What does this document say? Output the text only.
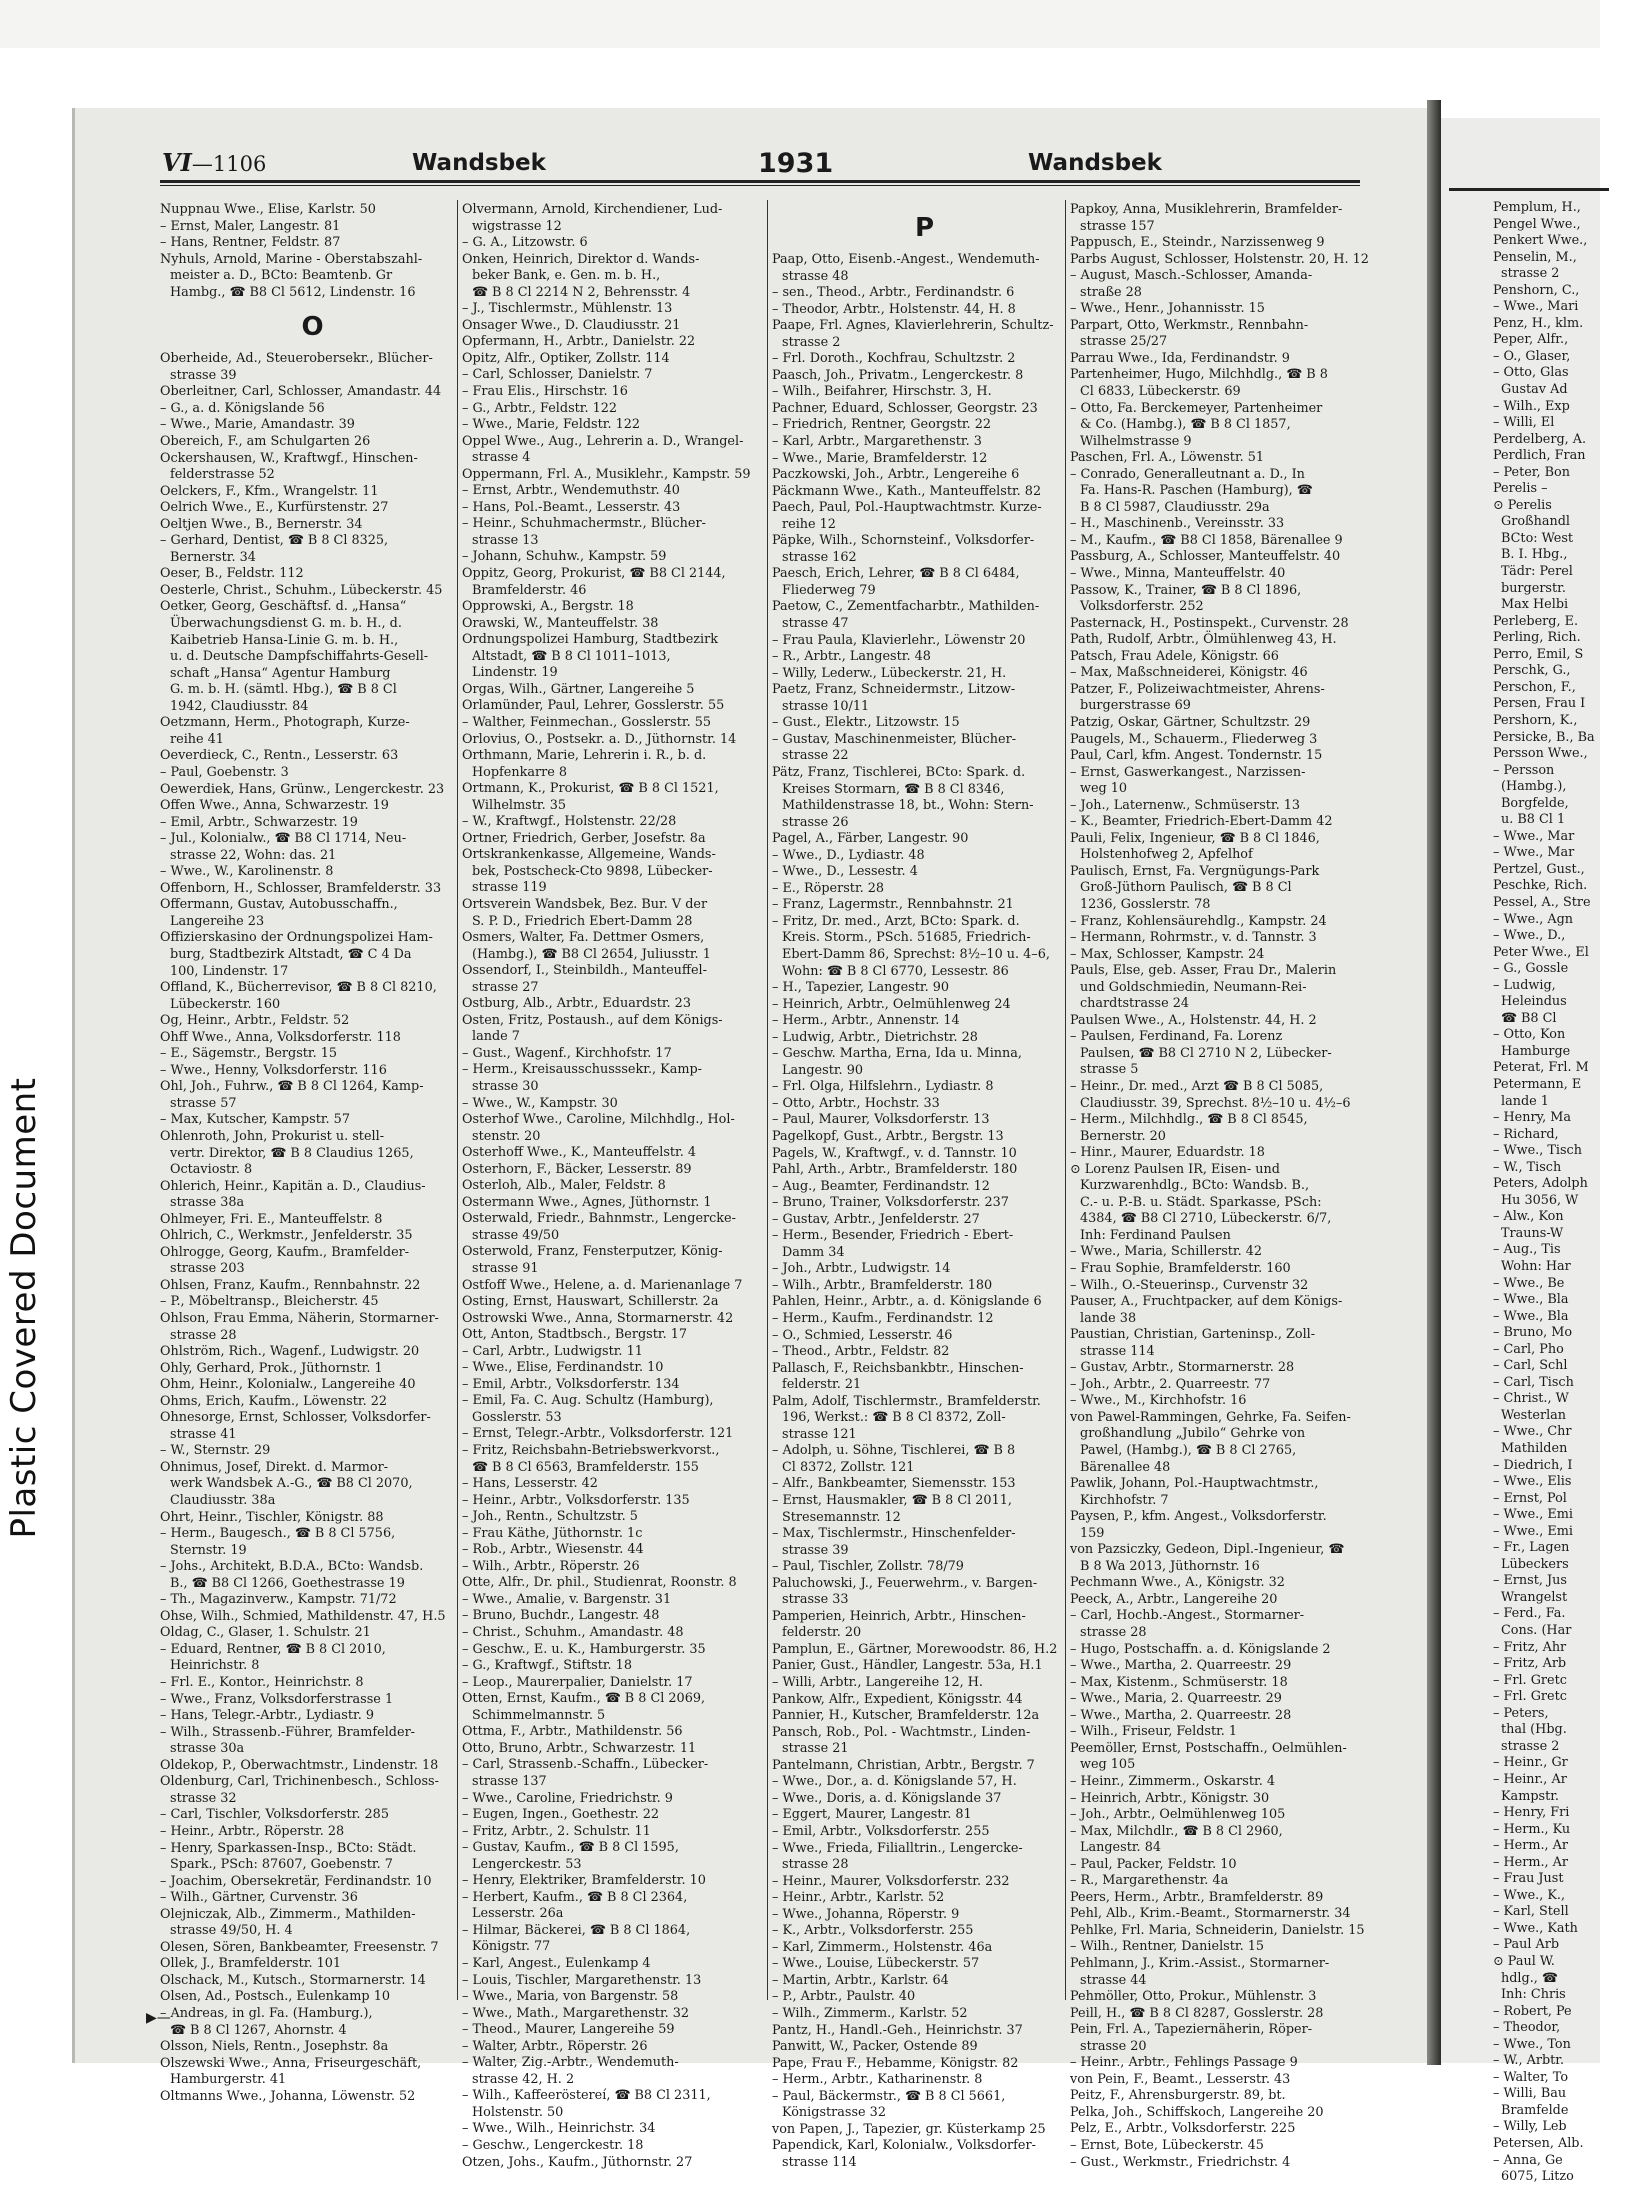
Pemplum, H.,
Pengel Wwe.,
Penkert Wwe.,
Penselin, M.,
strasse 2
Penshorn, C.,
– Wwe., Mari
Penz, H., klm.
Peper, Alfr.,
– O., Glaser,
– Otto, Glas
Gustav Ad
– Wilh., Exp
– Willi, El
Perdelberg, A.
Perdlich, Fran
– Peter, Bon
Perelis –
⊙ Perelis
Großhandl
BCto: West
B. I. Hbg.,
Tädr: Perel
burgerstr.
Max Helbi
Perleberg, E.
Perling, Rich.
Perro, Emil, S
Perschk, G.,
Perschon, F.,
Persen, Frau I
Pershorn, K.,
Persicke, B., Ba
Persson Wwe.,
– Persson
(Hambg.),
Borgfelde,
u. B8 Cl 1
– Wwe., Mar
– Wwe., Mar
Pertzel, Gust.,
Peschke, Rich.
Pessel, A., Stre
– Wwe., Agn
– Wwe., D.,
Peter Wwe., El
– G., Gossle
– Ludwig,
Heleindus
☎ B8 Cl
– Otto, Kon
Hamburge
Peterat, Frl. M
Petermann, E
lande 1
– Henry, Ma
– Richard,
– Wwe., Tisch
– W., Tisch
Peters, Adolph
Hu 3056, W
– Alw., Kon
Trauns-W
– Aug., Tis
Wohn: Har
– Wwe., Be
– Wwe., Bla
– Wwe., Bla
– Bruno, Mo
– Carl, Pho
– Carl, Schl
– Carl, Tisch
– Christ., W
Westerlan
– Wwe., Chr
Mathilden
– Diedrich, I
– Wwe., Elis
– Ernst, Pol
– Wwe., Emi
– Wwe., Emi
– Fr., Lagen
Lübeckers
– Ernst, Jus
Wrangelst
– Ferd., Fa.
Cons. (Har
– Fritz, Ahr
– Fritz, Arb
– Frl. Gretc
– Frl. Gretc
– Peters,
thal (Hbg.
strasse 2
– Heinr., Gr
– Heinr., Ar
Kampstr.
– Henry, Fri
– Herm., Ku
– Herm., Ar
– Herm., Ar
– Frau Just
– Wwe., K.,
– Karl, Stell
– Wwe., Kath
– Paul Arb
⊙ Paul W.
hdlg., ☎
Inh: Chris
– Robert, Pe
– Theodor,
– Wwe., Ton
– W., Arbtr.
– Walter, To
– Willi, Bau
Bramfelde
– Willy, Leb
Petersen, Alb.
– Anna, Ge
6075, Litzo
Plastic Covered Document
VI—1106	Wandsbek	1931	Wandsbek
Nuppnau Wwe., Elise, Karlstr. 50
– Ernst, Maler, Langestr. 81
– Hans, Rentner, Feldstr. 87
Nyhuls, Arnold, Marine - Oberstabszahl-
meister a. D., BCto: Beamtenb. Gr
Hambg., ☎ B8 Cl 5612, Lindenstr. 16
O
Oberheide, Ad., Steuerobersekr., Blücher-
strasse 39
Oberleitner, Carl, Schlosser, Amandastr. 44
– G., a. d. Königslande 56
– Wwe., Marie, Amandastr. 39
Obereich, F., am Schulgarten 26
Ockershausen, W., Kraftwgf., Hinschen-
felderstrasse 52
Oelckers, F., Kfm., Wrangelstr. 11
Oelrich Wwe., E., Kurfürstenstr. 27
Oeltjen Wwe., B., Bernerstr. 34
– Gerhard, Dentist, ☎ B 8 Cl 8325,
Bernerstr. 34
Oeser, B., Feldstr. 112
Oesterle, Christ., Schuhm., Lübeckerstr. 45
Oetker, Georg, Geschäftsf. d. „Hansa“
Überwachungsdienst G. m. b. H., d.
Kaibetrieb Hansa-Linie G. m. b. H.,
u. d. Deutsche Dampfschiffahrts-Gesell-
schaft „Hansa“ Agentur Hamburg
G. m. b. H. (sämtl. Hbg.), ☎ B 8 Cl
1942, Claudiusstr. 84
Oetzmann, Herm., Photograph, Kurze-
reihe 41
Oeverdieck, C., Rentn., Lesserstr. 63
– Paul, Goebenstr. 3
Oewerdiek, Hans, Grünw., Lengerckestr. 23
Offen Wwe., Anna, Schwarzestr. 19
– Emil, Arbtr., Schwarzestr. 19
– Jul., Kolonialw., ☎ B8 Cl 1714, Neu-
strasse 22, Wohn: das. 21
– Wwe., W., Karolinenstr. 8
Offenborn, H., Schlosser, Bramfelderstr. 33
Offermann, Gustav, Autobusschaffn.,
Langereihe 23
Offizierskasino der Ordnungspolizei Ham-
burg, Stadtbezirk Altstadt, ☎ C 4 Da
100, Lindenstr. 17
Offland, K., Bücherrevisor, ☎ B 8 Cl 8210,
Lübeckerstr. 160
Og, Heinr., Arbtr., Feldstr. 52
Ohff Wwe., Anna, Volksdorferstr. 118
– E., Sägemstr., Bergstr. 15
– Wwe., Henny, Volksdorferstr. 116
Ohl, Joh., Fuhrw., ☎ B 8 Cl 1264, Kamp-
strasse 57
– Max, Kutscher, Kampstr. 57
Ohlenroth, John, Prokurist u. stell-
vertr. Direktor, ☎ B 8 Claudius 1265,
Octaviostr. 8
Ohlerich, Heinr., Kapitän a. D., Claudius-
strasse 38a
Ohlmeyer, Fri. E., Manteuffelstr. 8
Ohlrich, C., Werkmstr., Jenfelderstr. 35
Ohlrogge, Georg, Kaufm., Bramfelder-
strasse 203
Ohlsen, Franz, Kaufm., Rennbahnstr. 22
– P., Möbeltransp., Bleicherstr. 45
Ohlson, Frau Emma, Näherin, Stormarner-
strasse 28
Ohlström, Rich., Wagenf., Ludwigstr. 20
Ohly, Gerhard, Prok., Jüthornstr. 1
Ohm, Heinr., Kolonialw., Langereihe 40
Ohms, Erich, Kaufm., Löwenstr. 22
Ohnesorge, Ernst, Schlosser, Volksdorfer-
strasse 41
– W., Sternstr. 29
Ohnimus, Josef, Direkt. d. Marmor-
werk Wandsbek A.-G., ☎ B8 Cl 2070,
Claudiusstr. 38a
Ohrt, Heinr., Tischler, Königstr. 88
– Herm., Baugesch., ☎ B 8 Cl 5756,
Sternstr. 19
– Johs., Architekt, B.D.A., BCto: Wandsb.
B., ☎ B8 Cl 1266, Goethestrasse 19
– Th., Magazinverw., Kampstr. 71/72
Ohse, Wilh., Schmied, Mathildenstr. 47, H.5
Oldag, C., Glaser, 1. Schulstr. 21
– Eduard, Rentner, ☎ B 8 Cl 2010,
Heinrichstr. 8
– Frl. E., Kontor., Heinrichstr. 8
– Wwe., Franz, Volksdorferstrasse 1
– Hans, Telegr.-Arbtr., Lydiastr. 9
– Wilh., Strassenb.-Führer, Bramfelder-
strasse 30a
Oldekop, P., Oberwachtmstr., Lindenstr. 18
Oldenburg, Carl, Trichinenbesch., Schloss-
strasse 32
– Carl, Tischler, Volksdorferstr. 285
– Heinr., Arbtr., Röperstr. 28
– Henry, Sparkassen-Insp., BCto: Städt.
Spark., PSch: 87607, Goebenstr. 7
– Joachim, Obersekretär, Ferdinandstr. 10
– Wilh., Gärtner, Curvenstr. 36
Olejniczak, Alb., Zimmerm., Mathilden-
strasse 49/50, H. 4
Olesen, Sören, Bankbeamter, Freesenstr. 7
Ollek, J., Bramfelderstr. 101
Olschack, M., Kutsch., Stormarnerstr. 14
Olsen, Ad., Postsch., Eulenkamp 10
– Andreas, in gl. Fa. (Hamburg.),
☎ B 8 Cl 1267, Ahornstr. 4
Olsson, Niels, Rentn., Josephstr. 8a
Olszewski Wwe., Anna, Friseurgeschäft,
Hamburgerstr. 41
Oltmanns Wwe., Johanna, Löwenstr. 52
Olvermann, Arnold, Kirchendiener, Lud-
wigstrasse 12
– G. A., Litzowstr. 6
Onken, Heinrich, Direktor d. Wands-
beker Bank, e. Gen. m. b. H.,
☎ B 8 Cl 2214 N 2, Behrensstr. 4
– J., Tischlermstr., Mühlenstr. 13
Onsager Wwe., D. Claudiusstr. 21
Opfermann, H., Arbtr., Danielstr. 22
Opitz, Alfr., Optiker, Zollstr. 114
– Carl, Schlosser, Danielstr. 7
– Frau Elis., Hirschstr. 16
– G., Arbtr., Feldstr. 122
– Wwe., Marie, Feldstr. 122
Oppel Wwe., Aug., Lehrerin a. D., Wrangel-
strasse 4
Oppermann, Frl. A., Musiklehr., Kampstr. 59
– Ernst, Arbtr., Wendemuthstr. 40
– Hans, Pol.-Beamt., Lesserstr. 43
– Heinr., Schuhmachermstr., Blücher-
strasse 13
– Johann, Schuhw., Kampstr. 59
Oppitz, Georg, Prokurist, ☎ B8 Cl 2144,
Bramfelderstr. 46
Opprowski, A., Bergstr. 18
Orawski, W., Manteuffelstr. 38
Ordnungspolizei Hamburg, Stadtbezirk
Altstadt, ☎ B 8 Cl 1011–1013,
Lindenstr. 19
Orgas, Wilh., Gärtner, Langereihe 5
Orlamünder, Paul, Lehrer, Gosslerstr. 55
– Walther, Feinmechan., Gosslerstr. 55
Orlovius, O., Postsekr. a. D., Jüthornstr. 14
Orthmann, Marie, Lehrerin i. R., b. d.
Hopfenkarre 8
Ortmann, K., Prokurist, ☎ B 8 Cl 1521,
Wilhelmstr. 35
– W., Kraftwgf., Holstenstr. 22/28
Ortner, Friedrich, Gerber, Josefstr. 8a
Ortskrankenkasse, Allgemeine, Wands-
bek, Postscheck-Cto 9898, Lübecker-
strasse 119
Ortsverein Wandsbek, Bez. Bur. V der
S. P. D., Friedrich Ebert-Damm 28
Osmers, Walter, Fa. Dettmer Osmers,
(Hambg.), ☎ B8 Cl 2654, Juliusstr. 1
Ossendorf, I., Steinbildh., Manteuffel-
strasse 27
Ostburg, Alb., Arbtr., Eduardstr. 23
Osten, Fritz, Postaush., auf dem Königs-
lande 7
– Gust., Wagenf., Kirchhofstr. 17
– Herm., Kreisausschusssekr., Kamp-
strasse 30
– Wwe., W., Kampstr. 30
Osterhof Wwe., Caroline, Milchhdlg., Hol-
stenstr. 20
Osterhoff Wwe., K., Manteuffelstr. 4
Osterhorn, F., Bäcker, Lesserstr. 89
Osterloh, Alb., Maler, Feldstr. 8
Ostermann Wwe., Agnes, Jüthornstr. 1
Osterwald, Friedr., Bahnmstr., Lengercke-
strasse 49/50
Osterwold, Franz, Fensterputzer, König-
strasse 91
Ostfoff Wwe., Helene, a. d. Marienanlage 7
Osting, Ernst, Hauswart, Schillerstr. 2a
Ostrowski Wwe., Anna, Stormarnerstr. 42
Ott, Anton, Stadtbsch., Bergstr. 17
– Carl, Arbtr., Ludwigstr. 11
– Wwe., Elise, Ferdinandstr. 10
– Emil, Arbtr., Volksdorferstr. 134
– Emil, Fa. C. Aug. Schultz (Hamburg),
Gosslerstr. 53
– Ernst, Telegr.-Arbtr., Volksdorferstr. 121
– Fritz, Reichsbahn-Betriebswerkvorst.,
☎ B 8 Cl 6563, Bramfelderstr. 155
– Hans, Lesserstr. 42
– Heinr., Arbtr., Volksdorferstr. 135
– Joh., Rentn., Schultzstr. 5
– Frau Käthe, Jüthornstr. 1c
– Rob., Arbtr., Wiesenstr. 44
– Wilh., Arbtr., Röperstr. 26
Otte, Alfr., Dr. phil., Studienrat, Roonstr. 8
– Wwe., Amalie, v. Bargenstr. 31
– Bruno, Buchdr., Langestr. 48
– Christ., Schuhm., Amandastr. 48
– Geschw., E. u. K., Hamburgerstr. 35
– G., Kraftwgf., Stiftstr. 18
– Leop., Maurerpalier, Danielstr. 17
Otten, Ernst, Kaufm., ☎ B 8 Cl 2069,
Schimmelmannstr. 5
Ottma, F., Arbtr., Mathildenstr. 56
Otto, Bruno, Arbtr., Schwarzestr. 11
– Carl, Strassenb.-Schaffn., Lübecker-
strasse 137
– Wwe., Caroline, Friedrichstr. 9
– Eugen, Ingen., Goethestr. 22
– Fritz, Arbtr., 2. Schulstr. 11
– Gustav, Kaufm., ☎ B 8 Cl 1595,
Lengerckestr. 53
– Henry, Elektriker, Bramfelderstr. 10
– Herbert, Kaufm., ☎ B 8 Cl 2364,
Lesserstr. 26a
– Hilmar, Bäckerei, ☎ B 8 Cl 1864,
Königstr. 77
– Karl, Angest., Eulenkamp 4
– Louis, Tischler, Margarethenstr. 13
– Wwe., Maria, von Bargenstr. 58
– Wwe., Math., Margarethenstr. 32
– Theod., Maurer, Langereihe 59
– Walter, Arbtr., Röperstr. 26
– Walter, Zig.-Arbtr., Wendemuth-
strasse 42, H. 2
– Wilh., Kaffeeröstereí, ☎ B8 Cl 2311,
Holstenstr. 50
– Wwe., Wilh., Heinrichstr. 34
– Geschw., Lengerckestr. 18
Otzen, Johs., Kaufm., Jüthornstr. 27
P
Paap, Otto, Eisenb.-Angest., Wendemuth-
strasse 48
– sen., Theod., Arbtr., Ferdinandstr. 6
– Theodor, Arbtr., Holstenstr. 44, H. 8
Paape, Frl. Agnes, Klavierlehrerin, Schultz-
strasse 2
– Frl. Doroth., Kochfrau, Schultzstr. 2
Paasch, Joh., Privatm., Lengerckestr. 8
– Wilh., Beifahrer, Hirschstr. 3, H.
Pachner, Eduard, Schlosser, Georgstr. 23
– Friedrich, Rentner, Georgstr. 22
– Karl, Arbtr., Margarethenstr. 3
– Wwe., Marie, Bramfelderstr. 12
Paczkowski, Joh., Arbtr., Lengereihe 6
Päckmann Wwe., Kath., Manteuffelstr. 82
Paech, Paul, Pol.-Hauptwachtmstr. Kurze-
reihe 12
Päpke, Wilh., Schornsteinf., Volksdorfer-
strasse 162
Paesch, Erich, Lehrer, ☎ B 8 Cl 6484,
Fliederweg 79
Paetow, C., Zementfacharbtr., Mathilden-
strasse 47
– Frau Paula, Klavierlehr., Löwenstr 20
– R., Arbtr., Langestr. 48
– Willy, Lederw., Lübeckerstr. 21, H.
Paetz, Franz, Schneidermstr., Litzow-
strasse 10/11
– Gust., Elektr., Litzowstr. 15
– Gustav, Maschinenmeister, Blücher-
strasse 22
Pätz, Franz, Tischlerei, BCto: Spark. d.
Kreises Stormarn, ☎ B 8 Cl 8346,
Mathildenstrasse 18, bt., Wohn: Stern-
strasse 26
Pagel, A., Färber, Langestr. 90
– Wwe., D., Lydiastr. 48
– Wwe., D., Lessestr. 4
– E., Röperstr. 28
– Franz, Lagermstr., Rennbahnstr. 21
– Fritz, Dr. med., Arzt, BCto: Spark. d.
Kreis. Storm., PSch. 51685, Friedrich-
Ebert-Damm 86, Sprechst: 8½–10 u. 4–6,
Wohn: ☎ B 8 Cl 6770, Lessestr. 86
– H., Tapezier, Langestr. 90
– Heinrich, Arbtr., Oelmühlenweg 24
– Herm., Arbtr., Annenstr. 14
– Ludwig, Arbtr., Dietrichstr. 28
– Geschw. Martha, Erna, Ida u. Minna,
Langestr. 90
– Frl. Olga, Hilfslehrn., Lydiastr. 8
– Otto, Arbtr., Hochstr. 33
– Paul, Maurer, Volksdorferstr. 13
Pagelkopf, Gust., Arbtr., Bergstr. 13
Pagels, W., Kraftwgf., v. d. Tannstr. 10
Pahl, Arth., Arbtr., Bramfelderstr. 180
– Aug., Beamter, Ferdinandstr. 12
– Bruno, Trainer, Volksdorferstr. 237
– Gustav, Arbtr., Jenfelderstr. 27
– Herm., Besender, Friedrich - Ebert-
Damm 34
– Joh., Arbtr., Ludwigstr. 14
– Wilh., Arbtr., Bramfelderstr. 180
Pahlen, Heinr., Arbtr., a. d. Königslande 6
– Herm., Kaufm., Ferdinandstr. 12
– O., Schmied, Lesserstr. 46
– Theod., Arbtr., Feldstr. 82
Pallasch, F., Reichsbankbtr., Hinschen-
felderstr. 21
Palm, Adolf, Tischlermstr., Bramfelderstr.
196, Werkst.: ☎ B 8 Cl 8372, Zoll-
strasse 121
– Adolph, u. Söhne, Tischlerei, ☎ B 8
Cl 8372, Zollstr. 121
– Alfr., Bankbeamter, Siemensstr. 153
– Ernst, Hausmakler, ☎ B 8 Cl 2011,
Stresemannstr. 12
– Max, Tischlermstr., Hinschenfelder-
strasse 39
– Paul, Tischler, Zollstr. 78/79
Paluchowski, J., Feuerwehrm., v. Bargen-
strasse 33
Pamperien, Heinrich, Arbtr., Hinschen-
felderstr. 20
Pamplun, E., Gärtner, Morewoodstr. 86, H.2
Panier, Gust., Händler, Langestr. 53a, H.1
– Willi, Arbtr., Langereihe 12, H.
Pankow, Alfr., Expedient, Königsstr. 44
Pannier, H., Kutscher, Bramfelderstr. 12a
Pansch, Rob., Pol. - Wachtmstr., Linden-
strasse 21
Pantelmann, Christian, Arbtr., Bergstr. 7
– Wwe., Dor., a. d. Königslande 57, H.
– Wwe., Doris, a. d. Königslande 37
– Eggert, Maurer, Langestr. 81
– Emil, Arbtr., Volksdorferstr. 255
– Wwe., Frieda, Filialltrin., Lengercke-
strasse 28
– Heinr., Maurer, Volksdorferstr. 232
– Heinr., Arbtr., Karlstr. 52
– Wwe., Johanna, Röperstr. 9
– K., Arbtr., Volksdorferstr. 255
– Karl, Zimmerm., Holstenstr. 46a
– Wwe., Louise, Lübeckerstr. 57
– Martin, Arbtr., Karlstr. 64
– P., Arbtr., Paulstr. 40
– Wilh., Zimmerm., Karlstr. 52
Pantz, H., Handl.-Geh., Heinrichstr. 37
Panwitt, W., Packer, Ostende 89
Pape, Frau F., Hebamme, Königstr. 82
– Herm., Arbtr., Katharinenstr. 8
– Paul, Bäckermstr., ☎ B 8 Cl 5661,
Königstrasse 32
von Papen, J., Tapezier, gr. Küsterkamp 25
Papendick, Karl, Kolonialw., Volksdorfer-
strasse 114
Papkoy, Anna, Musiklehrerin, Bramfelder-
strasse 157
Pappusch, E., Steindr., Narzissenweg 9
Parbs August, Schlosser, Holstenstr. 20, H. 12
– August, Masch.-Schlosser, Amanda-
straße 28
– Wwe., Henr., Johannisstr. 15
Parpart, Otto, Werkmstr., Rennbahn-
strasse 25/27
Parrau Wwe., Ida, Ferdinandstr. 9
Partenheimer, Hugo, Milchhdlg., ☎ B 8
Cl 6833, Lübeckerstr. 69
– Otto, Fa. Berckemeyer, Partenheimer
& Co. (Hambg.), ☎ B 8 Cl 1857,
Wilhelmstrasse 9
Paschen, Frl. A., Löwenstr. 51
– Conrado, Generalleutnant a. D., In
Fa. Hans-R. Paschen (Hamburg), ☎
B 8 Cl 5987, Claudiusstr. 29a
– H., Maschinenb., Vereinsstr. 33
– M., Kaufm., ☎ B8 Cl 1858, Bärenallee 9
Passburg, A., Schlosser, Manteuffelstr. 40
– Wwe., Minna, Manteuffelstr. 40
Passow, K., Trainer, ☎ B 8 Cl 1896,
Volksdorferstr. 252
Pasternack, H., Postinspekt., Curvenstr. 28
Path, Rudolf, Arbtr., Ölmühlenweg 43, H.
Patsch, Frau Adele, Königstr. 66
– Max, Maßschneiderei, Königstr. 46
Patzer, F., Polizeiwachtmeister, Ahrens-
burgerstrasse 69
Patzig, Oskar, Gärtner, Schultzstr. 29
Paugels, M., Schauerm., Fliederweg 3
Paul, Carl, kfm. Angest. Tondernstr. 15
– Ernst, Gaswerkangest., Narzissen-
weg 10
– Joh., Laternenw., Schmüserstr. 13
– K., Beamter, Friedrich-Ebert-Damm 42
Pauli, Felix, Ingenieur, ☎ B 8 Cl 1846,
Holstenhofweg 2, Apfelhof
Paulisch, Ernst, Fa. Vergnügungs-Park
Groß-Jüthorn Paulisch, ☎ B 8 Cl
1236, Gosslerstr. 78
– Franz, Kohlensäurehdlg., Kampstr. 24
– Hermann, Rohrmstr., v. d. Tannstr. 3
– Max, Schlosser, Kampstr. 24
Pauls, Else, geb. Asser, Frau Dr., Malerin
und Goldschmiedin, Neumann-Rei-
chardtstrasse 24
Paulsen Wwe., A., Holstenstr. 44, H. 2
– Paulsen, Ferdinand, Fa. Lorenz
Paulsen, ☎ B8 Cl 2710 N 2, Lübecker-
strasse 5
– Heinr., Dr. med., Arzt ☎ B 8 Cl 5085,
Claudiusstr. 39, Sprechst. 8½–10 u. 4½–6
– Herm., Milchhdlg., ☎ B 8 Cl 8545,
Bernerstr. 20
– Hinr., Maurer, Eduardstr. 18
⊙ Lorenz Paulsen IR, Eisen- und
Kurzwarenhdlg., BCto: Wandsb. B.,
C.- u. P.-B. u. Städt. Sparkasse, PSch:
4384, ☎ B8 Cl 2710, Lübeckerstr. 6/7,
Inh: Ferdinand Paulsen
– Wwe., Maria, Schillerstr. 42
– Frau Sophie, Bramfelderstr. 160
– Wilh., O.-Steuerinsp., Curvenstr 32
Pauser, A., Fruchtpacker, auf dem Königs-
lande 38
Paustian, Christian, Garteninsp., Zoll-
strasse 114
– Gustav, Arbtr., Stormarnerstr. 28
– Joh., Arbtr., 2. Quarreestr. 77
– Wwe., M., Kirchhofstr. 16
von Pawel-Rammingen, Gehrke, Fa. Seifen-
großhandlung „Jubilo“ Gehrke von
Pawel, (Hambg.), ☎ B 8 Cl 2765,
Bärenallee 48
Pawlik, Johann, Pol.-Hauptwachtmstr.,
Kirchhofstr. 7
Paysen, P., kfm. Angest., Volksdorferstr.
159
von Pazsiczky, Gedeon, Dipl.-Ingenieur, ☎
B 8 Wa 2013, Jüthornstr. 16
Pechmann Wwe., A., Königstr. 32
Peeck, A., Arbtr., Langereihe 20
– Carl, Hochb.-Angest., Stormarner-
strasse 28
– Hugo, Postschaffn. a. d. Königslande 2
– Wwe., Martha, 2. Quarreestr. 29
– Max, Kistenm., Schmüserstr. 18
– Wwe., Maria, 2. Quarreestr. 29
– Wwe., Martha, 2. Quarreestr. 28
– Wilh., Friseur, Feldstr. 1
Peemöller, Ernst, Postschaffn., Oelmühlen-
weg 105
– Heinr., Zimmerm., Oskarstr. 4
– Heinrich, Arbtr., Königstr. 30
– Joh., Arbtr., Oelmühlenweg 105
– Max, Milchdlr., ☎ B 8 Cl 2960,
Langestr. 84
– Paul, Packer, Feldstr. 10
– R., Margarethenstr. 4a
Peers, Herm., Arbtr., Bramfelderstr. 89
Pehl, Alb., Krim.-Beamt., Stormarnerstr. 34
Pehlke, Frl. Maria, Schneiderin, Danielstr. 15
– Wilh., Rentner, Danielstr. 15
Pehlmann, J., Krim.-Assist., Stormarner-
strasse 44
Pehmöller, Otto, Prokur., Mühlenstr. 3
Peill, H., ☎ B 8 Cl 8287, Gosslerstr. 28
Pein, Frl. A., Tapeziernäherin, Röper-
strasse 20
– Heinr., Arbtr., Fehlings Passage 9
von Pein, F., Beamt., Lesserstr. 43
Peitz, F., Ahrensburgerstr. 89, bt.
Pelka, Joh., Schiffskoch, Langereihe 20
Pelz, E., Arbtr., Volksdorferstr. 225
– Ernst, Bote, Lübeckerstr. 45
– Gust., Werkmstr., Friedrichstr. 4
▶—
